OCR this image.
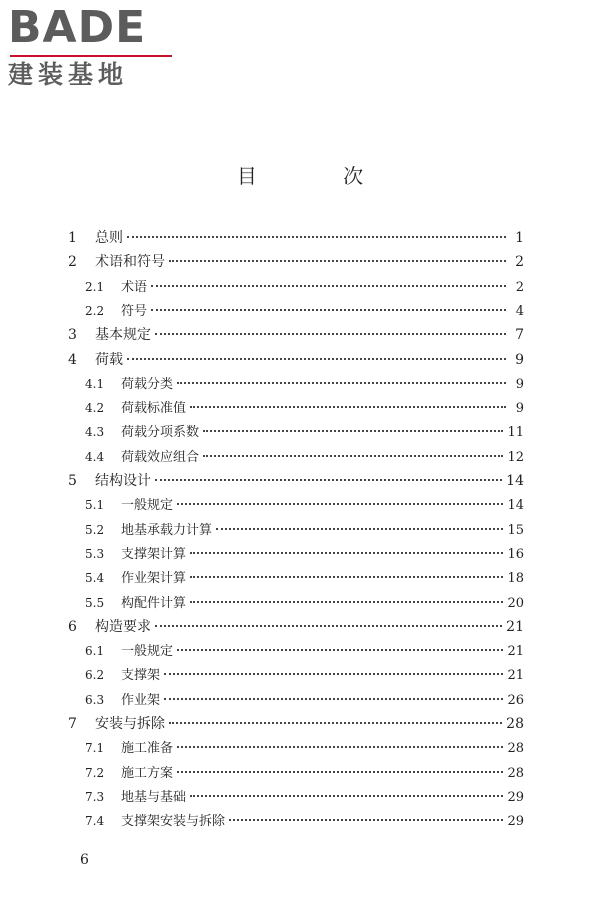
BADE
建装基地
目 次
1	总则	1
2	术语和符号	2
2.1	术语	2
2.2	符号	4
3	基本规定	7
4	荷载	9
4.1	荷载分类	9
4.2	荷载标准值	9
4.3	荷载分项系数	11
4.4	荷载效应组合	12
5	结构设计	14
5.1	一般规定	14
5.2	地基承载力计算	15
5.3	支撑架计算	16
5.4	作业架计算	18
5.5	构配件计算	20
6	构造要求	21
6.1	一般规定	21
6.2	支撑架	21
6.3	作业架	26
7	安装与拆除	28
7.1	施工准备	28
7.2	施工方案	28
7.3	地基与基础	29
7.4	支撑架安装与拆除	29
6
